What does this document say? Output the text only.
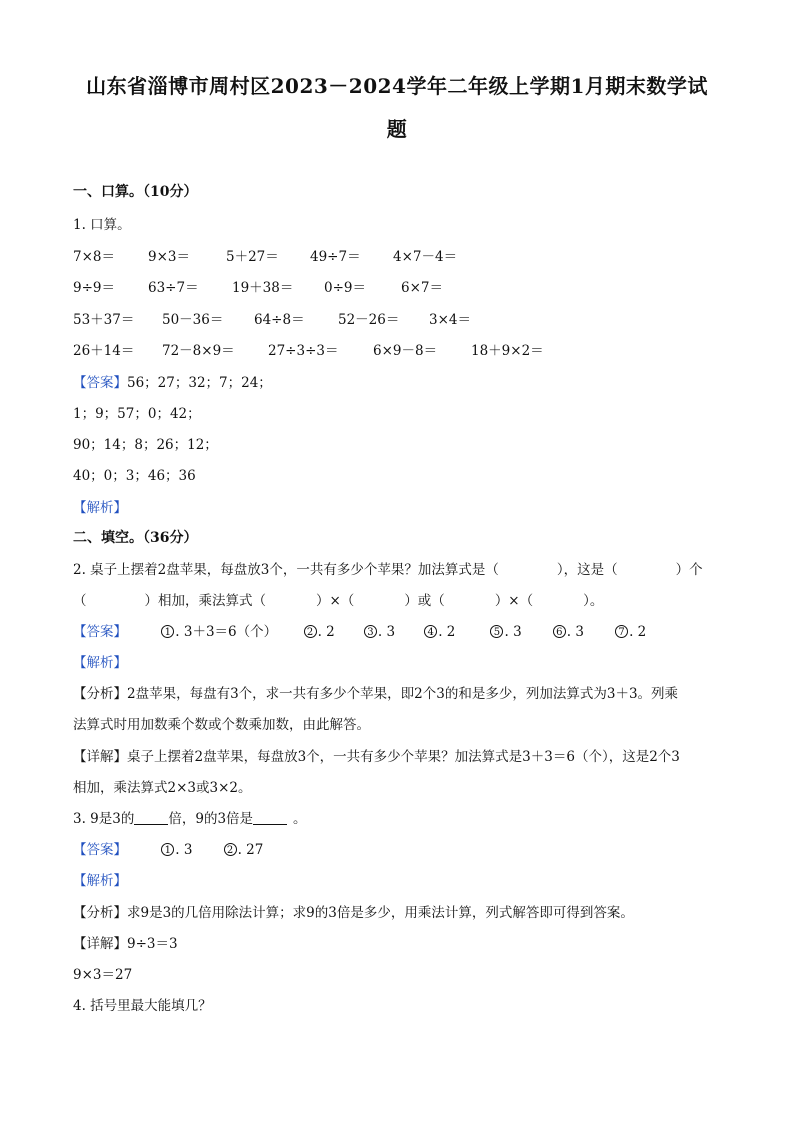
山东省淄博市周村区2023－2024学年二年级上学期1月期末数学试
题
一、口算。（10分）
1. 口算。
7×8＝ 9×3＝	5＋27＝ 49÷7＝ 4×7－4＝
9÷9＝ 63÷7＝ 19＋38＝ 0÷9＝	6×7＝
53＋37＝ 50－36＝ 64÷8＝ 52－26＝ 3×4＝
26＋14＝ 72－8×9＝ 27÷3÷3＝	6×9－8＝	18＋9×2＝
【答案】56；27；32；7；24；
1；9；57；0；42；
90；14；8；26；12；
40；0；3；46；36
【解析】
二、填空。（36分）
2. 桌子上摆着2盘苹果，每盘放3个，一共有多少个苹果？加法算式是（	），这是（	）个
（	）相加，乘法算式（	）×（	）或（	）×（	）。
【答案】	1 . 3＋3＝6（个）	2 . 2	3 . 3	4 . 2	5 . 3	6 . 3	7 . 2
【解析】
【分析】2盘苹果，每盘有3个，求一共有多少个苹果，即2个3的和是多少，列加法算式为3＋3。列乘
法算式时用加数乘个数或个数乘加数，由此解答。
【详解】桌子上摆着2盘苹果，每盘放3个，一共有多少个苹果？加法算式是3＋3＝6（个），这是2个3
相加，乘法算式2×3或3×2。
3. 9是3的	倍，9的3倍是	。
【答案】	1 . 3	2 . 27
【解析】
【分析】求9是3的几倍用除法计算；求9的3倍是多少，用乘法计算，列式解答即可得到答案。
【详解】9÷3＝3
9×3＝27
4. 括号里最大能填几？
